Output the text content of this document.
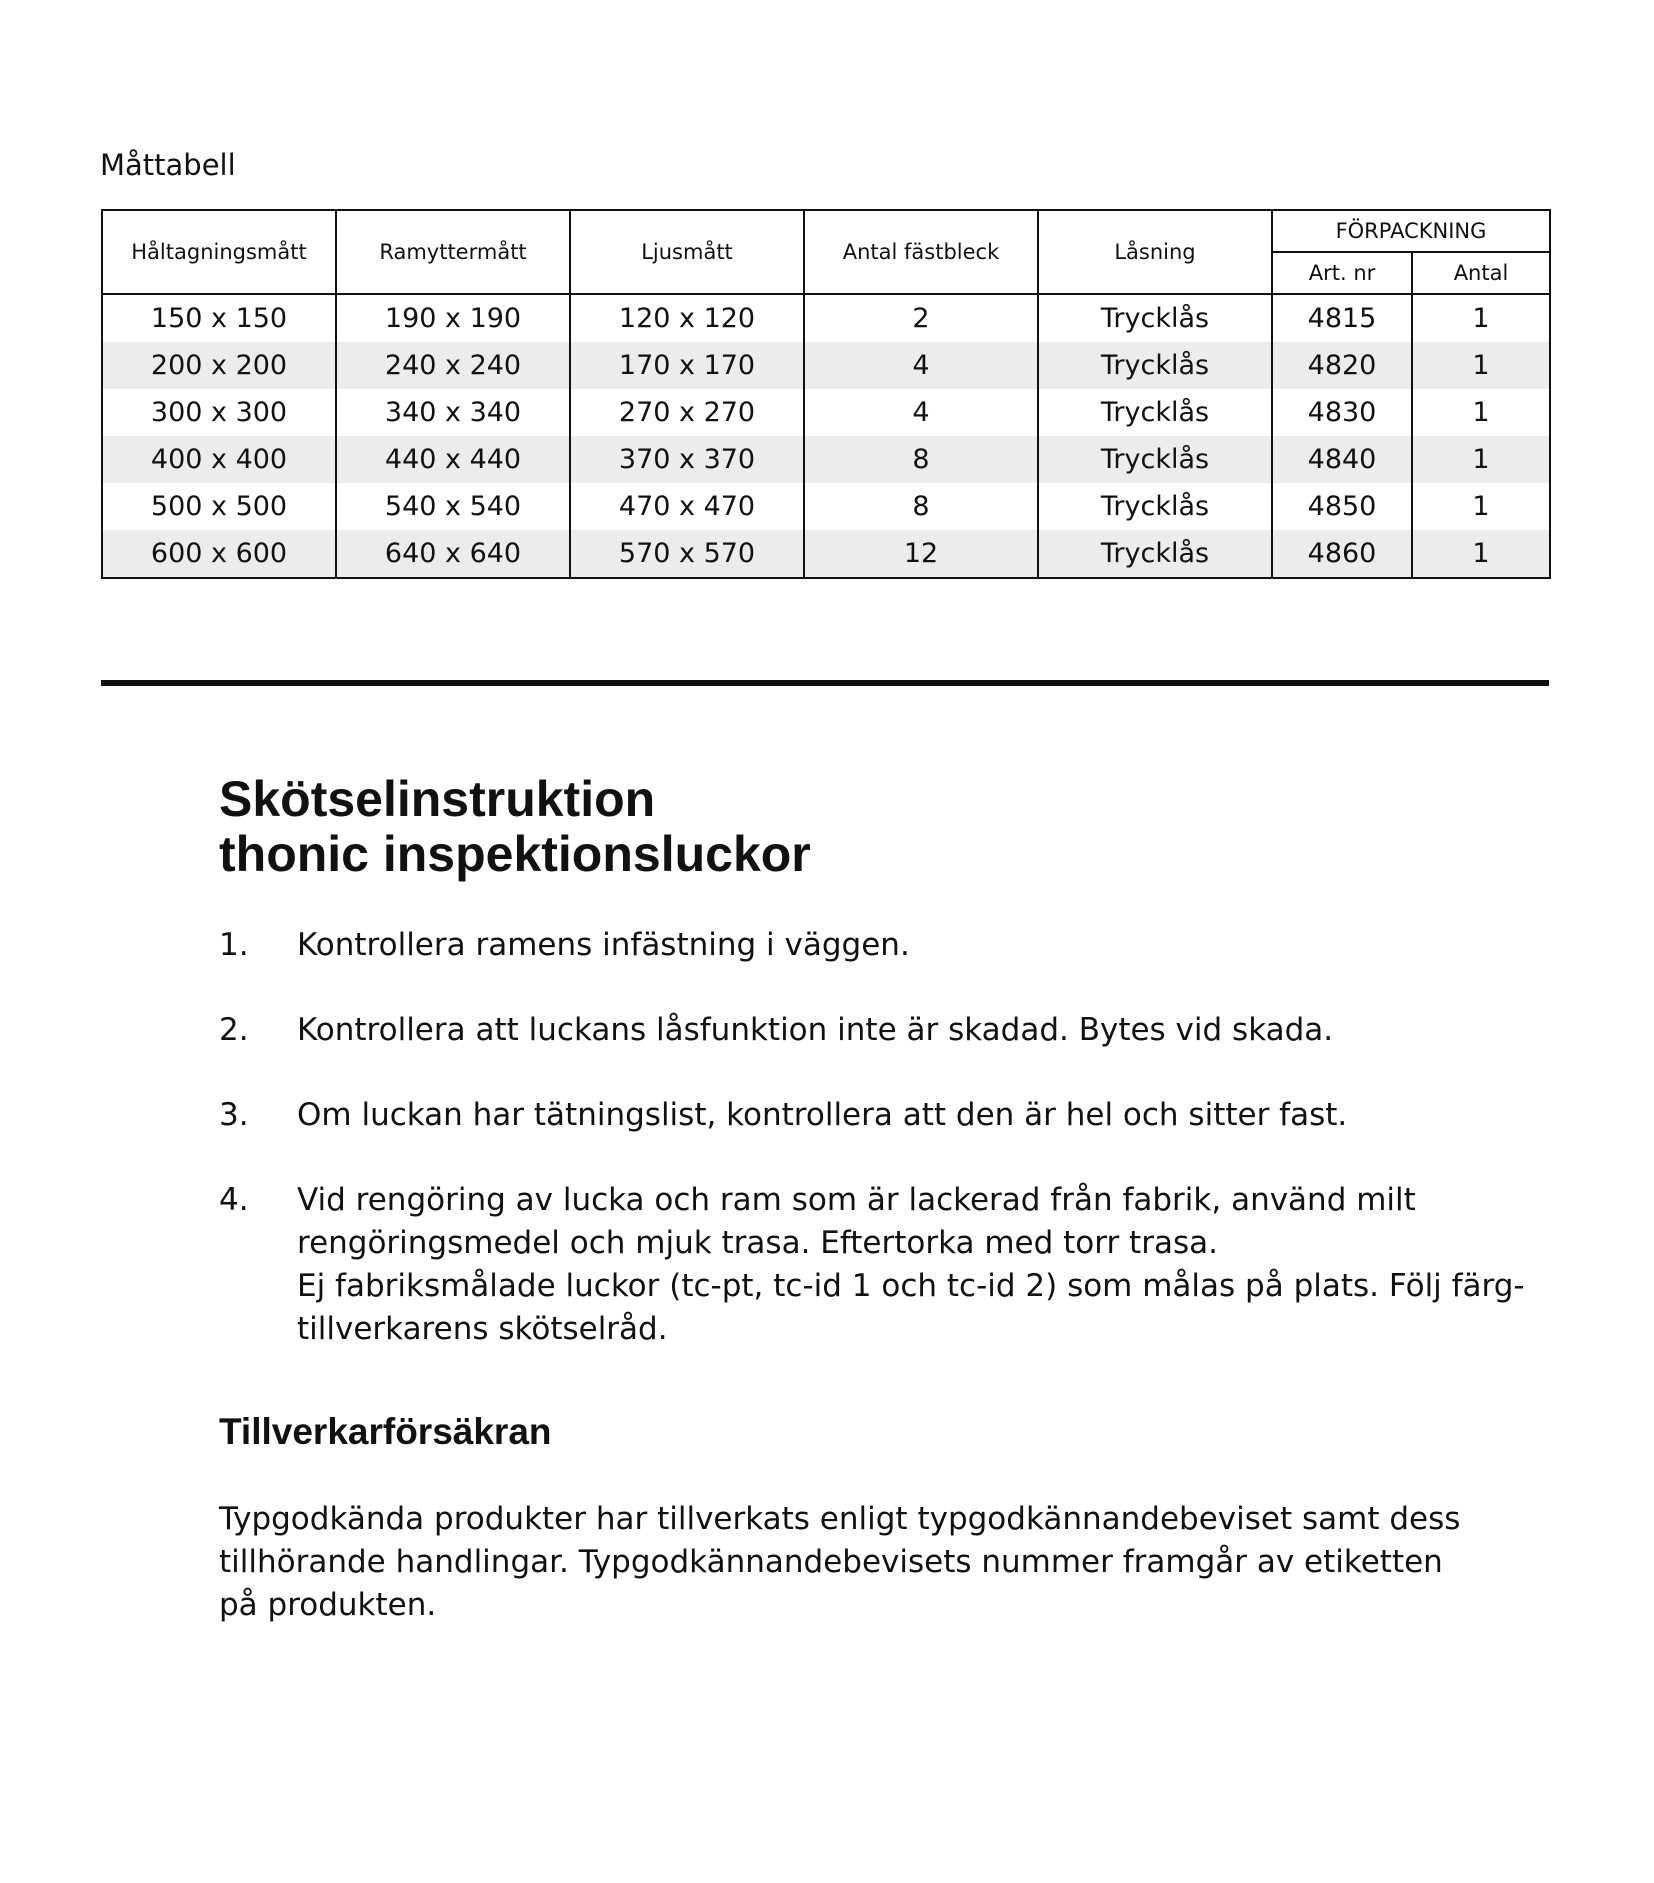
Måttabell
Håltagningsmått	Ramyttermått	Ljusmått	Antal fästbleck	Låsning	FÖRPACKNING	
					Art. nr	Antal
150 x 150	190 x 190	120 x 120	2	Trycklås	4815	1
200 x 200	240 x 240	170 x 170	4	Trycklås	4820	1
300 x 300	340 x 340	270 x 270	4	Trycklås	4830	1
400 x 400	440 x 440	370 x 370	8	Trycklås	4840	1
500 x 500	540 x 540	470 x 470	8	Trycklås	4850	1
600 x 600	640 x 640	570 x 570	12	Trycklås	4860	1
Skötselinstruktion
thonic inspektionsluckor
1.	Kontrollera ramens infästning i väggen.
2.	Kontrollera att luckans låsfunktion inte är skadad. Bytes vid skada.
3.	Om luckan har tätningslist, kontrollera att den är hel och sitter fast.
4.	Vid rengöring av lucka och ram som är lackerad från fabrik, använd milt
rengöringsmedel och mjuk trasa. Eftertorka med torr trasa.
Ej fabriksmålade luckor (tc-pt, tc-id 1 och tc-id 2) som målas på plats. Följ färg-
tillverkarens skötselråd.
Tillverkarförsäkran

Typgodkända produkter har tillverkats enligt typgodkännandebeviset samt dess
tillhörande handlingar. Typgodkännandebevisets nummer framgår av etiketten
på produkten.
